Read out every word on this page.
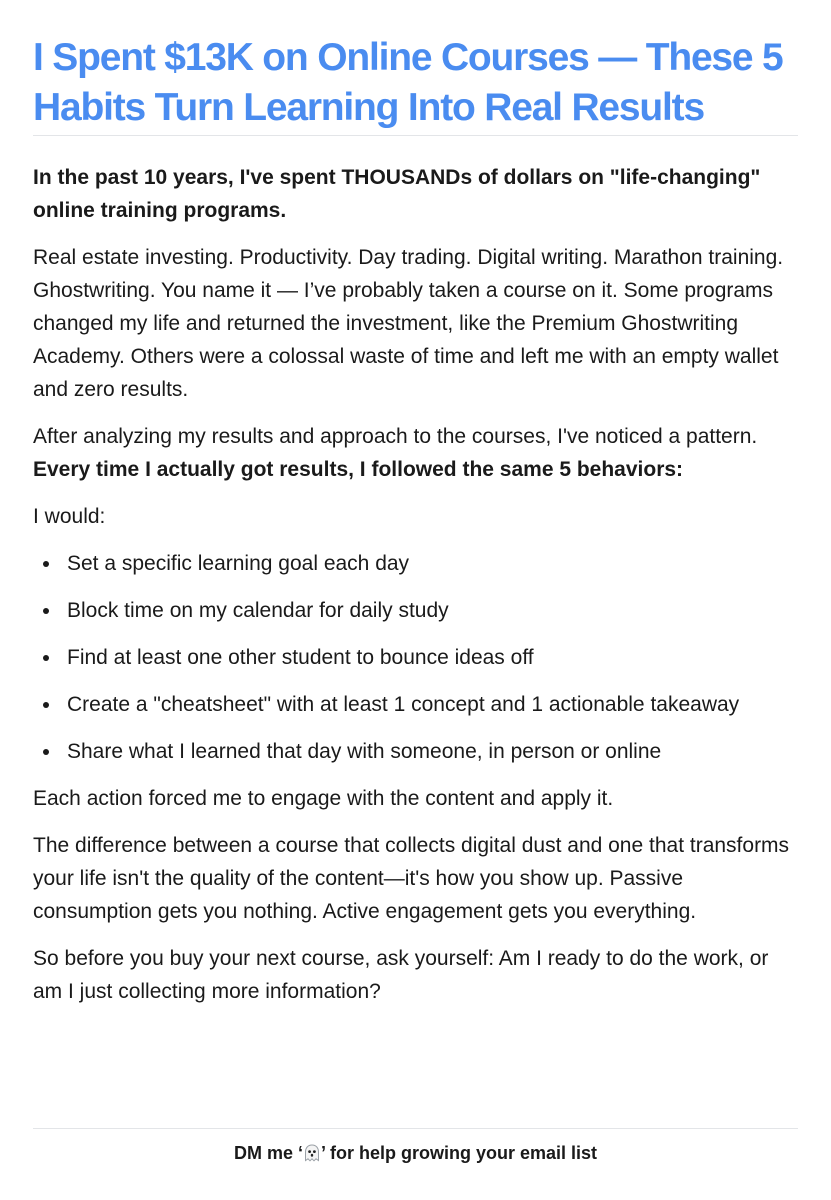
I Spent $13K on Online Courses — These 5 Habits Turn Learning Into Real Results

In the past 10 years, I've spent THOUSANDs of dollars on "life-changing" online training programs.

Real estate investing. Productivity. Day trading. Digital writing. Marathon training. Ghostwriting. You name it — I’ve probably taken a course on it. Some programs changed my life and returned the investment, like the Premium Ghostwriting Academy. Others were a colossal waste of time and left me with an empty wallet and zero results.

After analyzing my results and approach to the courses, I've noticed a pattern. Every time I actually got results, I followed the same 5 behaviors:

I would:

Set a specific learning goal each day
Block time on my calendar for daily study
Find at least one other student to bounce ideas off
Create a "cheatsheet" with at least 1 concept and 1 actionable takeaway
Share what I learned that day with someone, in person or online

Each action forced me to engage with the content and apply it.

The difference between a course that collects digital dust and one that transforms your life isn't the quality of the content—it's how you show up. Passive consumption gets you nothing. Active engagement gets you everything.

So before you buy your next course, ask yourself: Am I ready to do the work, or am I just collecting more information?

DM me ‘ ’ for help growing your email list
